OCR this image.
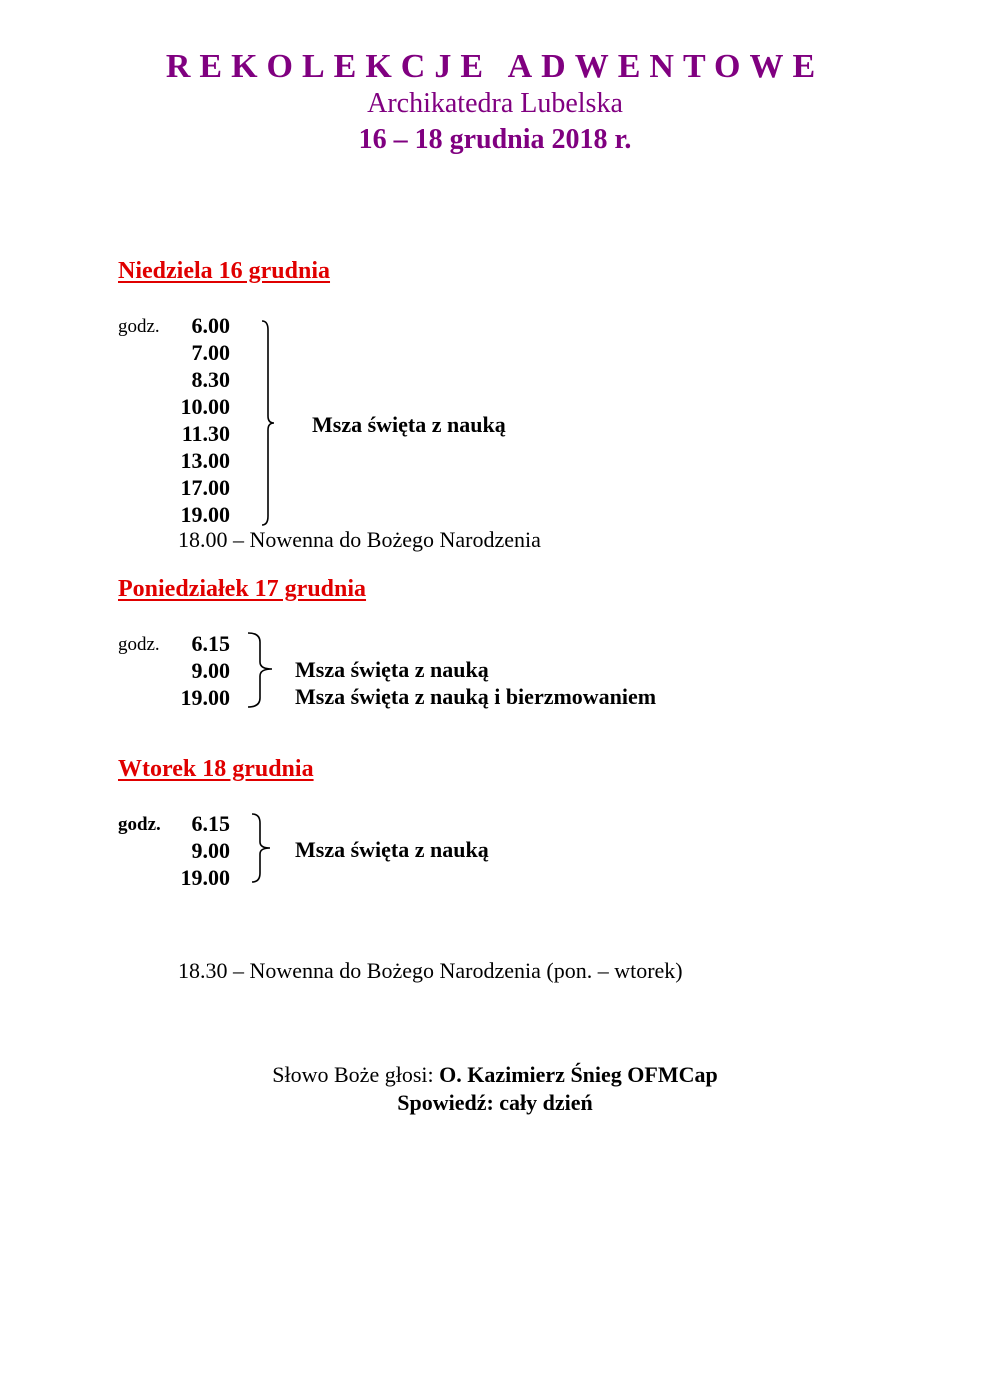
REKOLEKCJE ADWENTOWE
Archikatedra Lubelska
16 – 18 grudnia 2018 r.
Niedziela 16 grudnia
godz.	6.00
7.00
8.30
10.00
11.30
13.00
17.00
19.00
Msza święta z nauką
18.00 – Nowenna do Bożego Narodzenia
Poniedziałek 17 grudnia
godz.	6.15
9.00
19.00
Msza święta z nauką
Msza święta z nauką i bierzmowaniem
Wtorek 18 grudnia
godz.	6.15
9.00
19.00
Msza święta z nauką
18.30 – Nowenna do Bożego Narodzenia (pon. – wtorek)
Słowo Boże głosi: O. Kazimierz Śnieg OFMCap
Spowiedź: cały dzień
